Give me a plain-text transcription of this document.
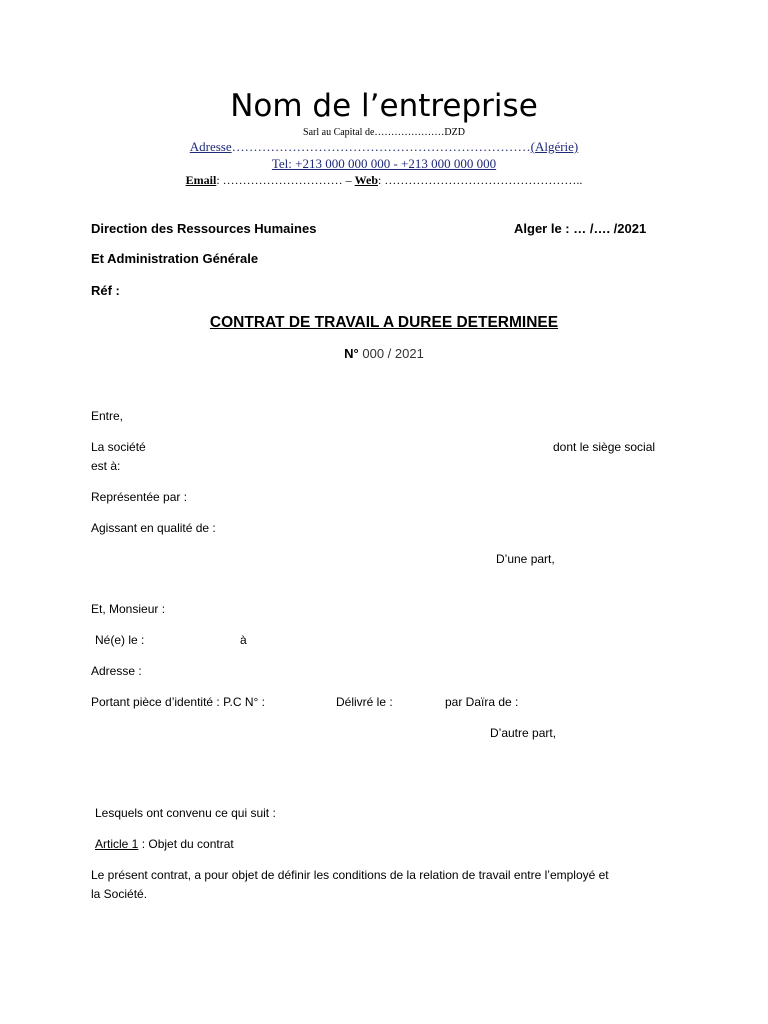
Nom de l’entreprise
Sarl au Capital de…………………DZD
Adresse……………………………………………………………(Algérie)
Tel: +213 000 000 000 - +213 000 000 000
Email: ………………………… – Web: …………………………………………..
Direction des Ressources Humaines	Alger le : … /…. /2021
Et Administration Générale
Réf :
CONTRAT DE TRAVAIL A DUREE DETERMINEE
N° 000 / 2021
Entre,
La société	dont le siège social
est à:
Représentée par :
Agissant en qualité de :
D’une part,
Et, Monsieur :
Né(e) le :	à
Adresse :
Portant pièce d’identité : P.C N° :	Délivré le :	par Daïra de :
D’autre part,
Lesquels ont convenu ce qui suit :
Article 1 : Objet du contrat
Le présent contrat, a pour objet de définir les conditions de la relation de travail entre l’employé et
la Société.
